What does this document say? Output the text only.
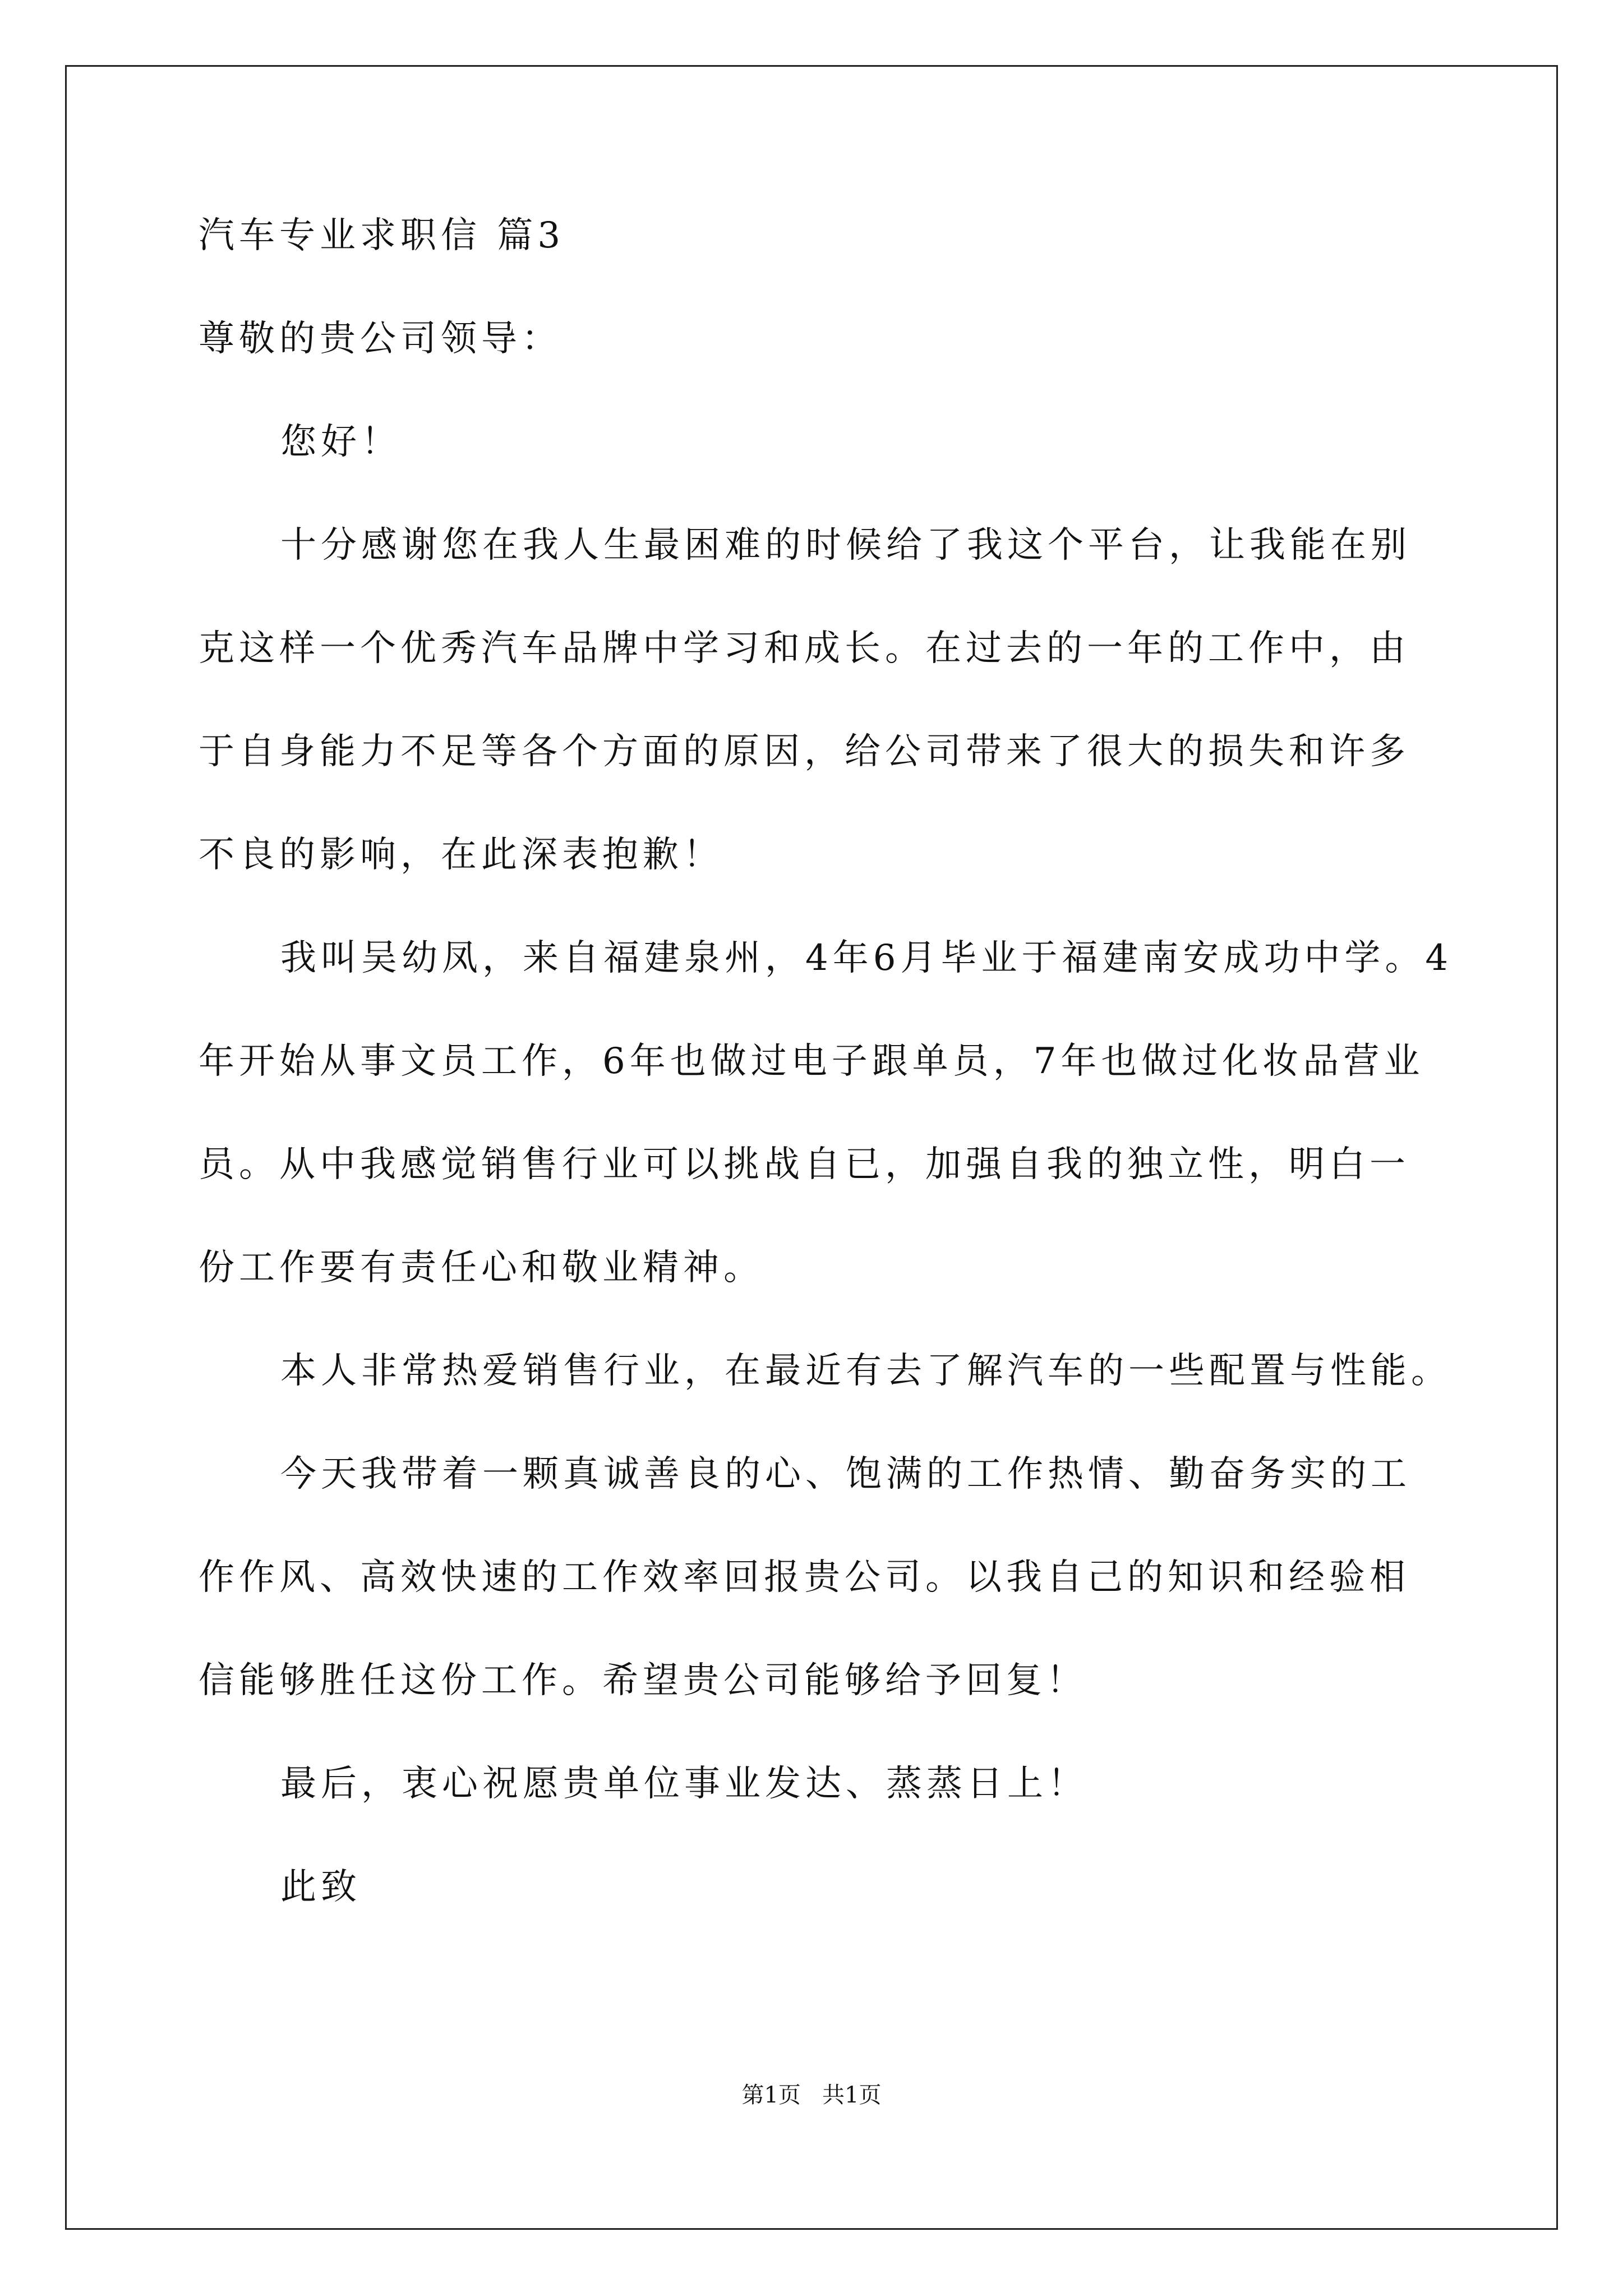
汽车专业求职信 篇3
尊敬的贵公司领导：
您好！
十分感谢您在我人生最困难的时候给了我这个平台，让我能在别
克这样一个优秀汽车品牌中学习和成长。在过去的一年的工作中，由
于自身能力不足等各个方面的原因，给公司带来了很大的损失和许多
不良的影响，在此深表抱歉！
我叫吴幼凤，来自福建泉州，4年6月毕业于福建南安成功中学。4
年开始从事文员工作，6年也做过电子跟单员，7年也做过化妆品营业
员。从中我感觉销售行业可以挑战自已，加强自我的独立性，明白一
份工作要有责任心和敬业精神。
本人非常热爱销售行业，在最近有去了解汽车的一些配置与性能。
今天我带着一颗真诚善良的心、饱满的工作热情、勤奋务实的工
作作风、高效快速的工作效率回报贵公司。以我自己的知识和经验相
信能够胜任这份工作。希望贵公司能够给予回复！
最后，衷心祝愿贵单位事业发达、蒸蒸日上！
此致
第1页   共1页
